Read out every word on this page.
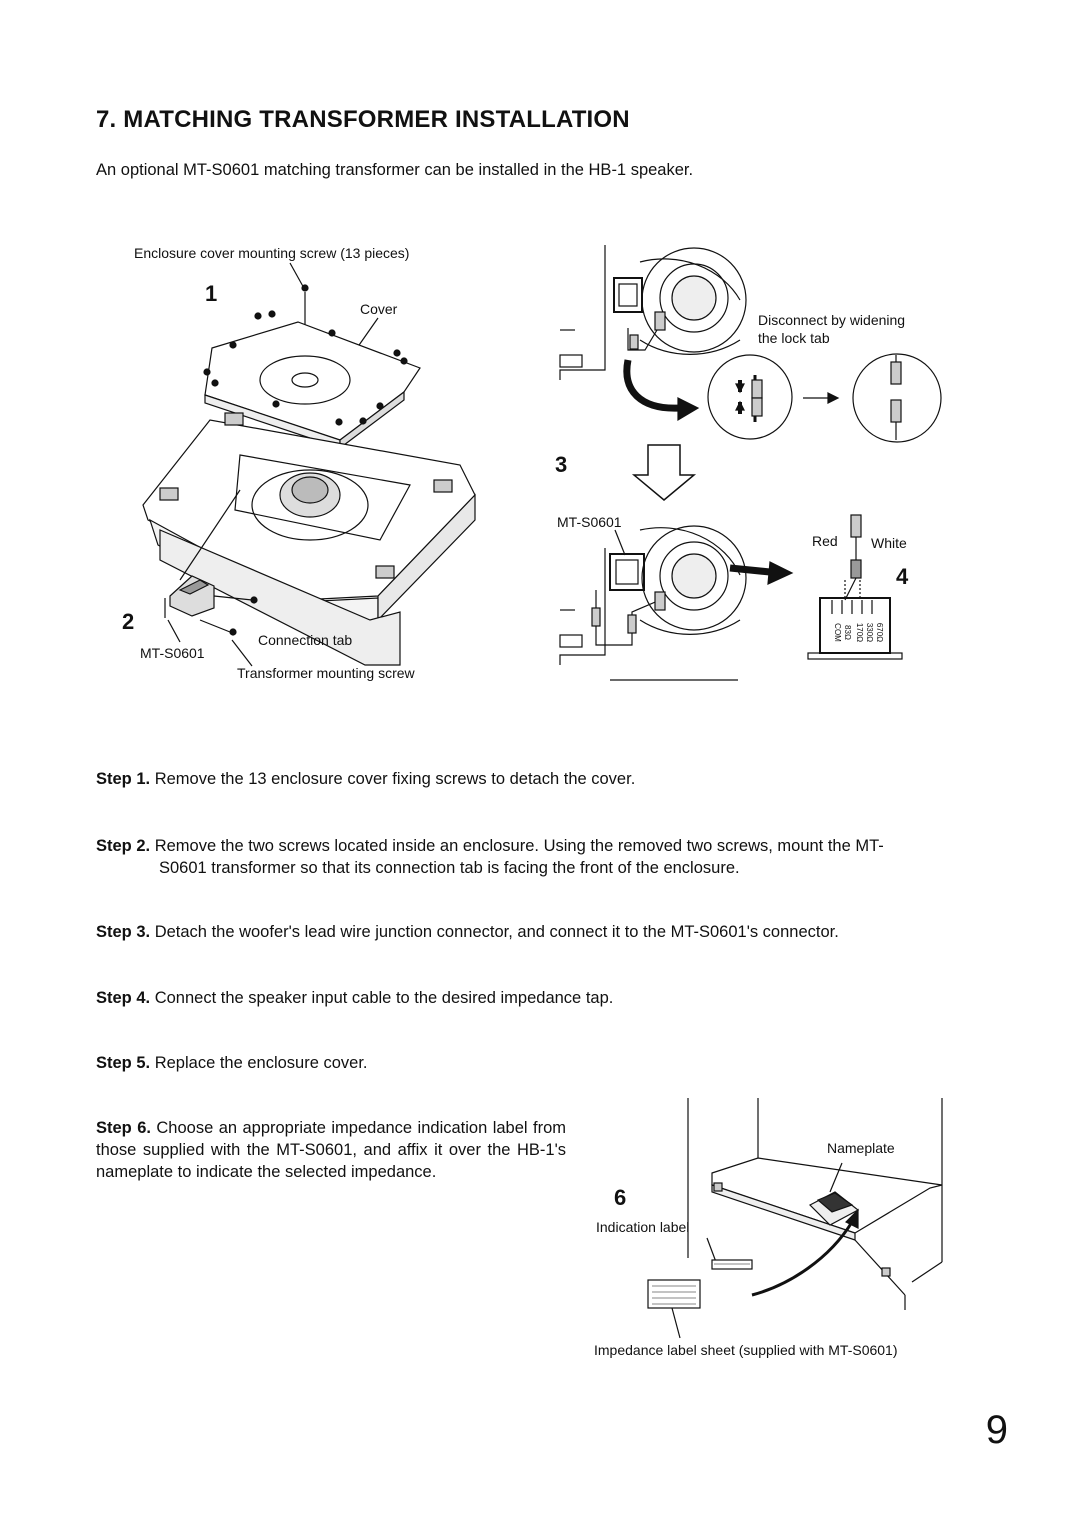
7. MATCHING TRANSFORMER INSTALLATION
An optional MT-S0601 matching transformer can be installed in the HB-1 speaker.
Enclosure cover mounting screw (13 pieces)
1
Cover
2
Connection tab
MT-S0601
Transformer mounting screw
Disconnect by widening
the lock tab
3
MT-S0601
Red White
4
670Ω
330Ω
170Ω
83Ω
COM
Step 1. Remove the 13 enclosure cover fixing screws to detach the cover.
Step 2. Remove the two screws located inside an enclosure. Using the removed two screws, mount the MT-
S0601 transformer so that its connection tab is facing the front of the enclosure.
Step 3. Detach the woofer's lead wire junction connector, and connect it to the MT-S0601's connector.
Step 4. Connect the speaker input cable to the desired impedance tap.
Step 5. Replace the enclosure cover.
Step 6. Choose an appropriate impedance indication label from those supplied with the MT-S0601, and affix it over the HB-1's nameplate to indicate the selected impedance.
Nameplate
6
Indication label
Impedance label sheet (supplied with MT-S0601)
9
